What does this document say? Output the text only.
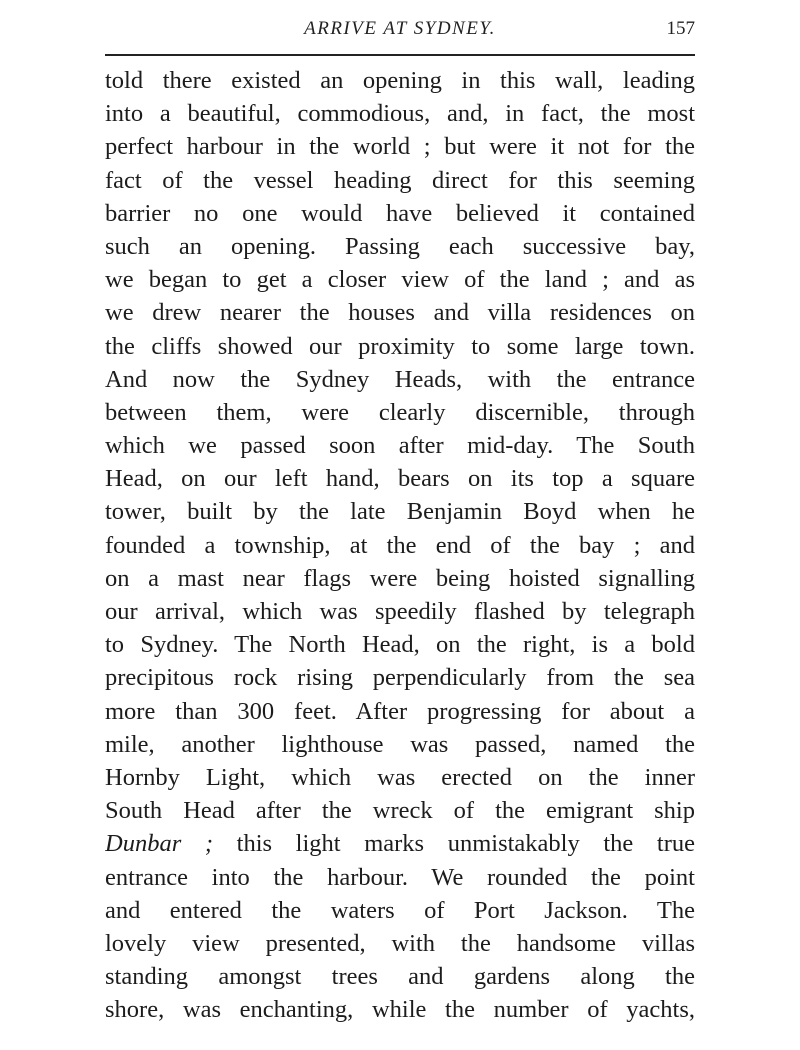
ARRIVE AT SYDNEY.	157
told there existed an opening in this wall, leading
into a beautiful, commodious, and, in fact, the most
perfect harbour in the world ; but were it not for the
fact of the vessel heading direct for this seeming
barrier no one would have believed it contained
such an opening. Passing each successive bay,
we began to get a closer view of the land ; and as
we drew nearer the houses and villa residences on
the cliffs showed our proximity to some large town.
And now the Sydney Heads, with the entrance
between them, were clearly discernible, through
which we passed soon after mid-day. The South
Head, on our left hand, bears on its top a square
tower, built by the late Benjamin Boyd when he
founded a township, at the end of the bay ; and
on a mast near flags were being hoisted signalling
our arrival, which was speedily flashed by telegraph
to Sydney. The North Head, on the right, is a bold
precipitous rock rising perpendicularly from the sea
more than 300 feet. After progressing for about a
mile, another lighthouse was passed, named the
Hornby Light, which was erected on the inner
South Head after the wreck of the emigrant ship
Dunbar ; this light marks unmistakably the true
entrance into the harbour. We rounded the point
and entered the waters of Port Jackson. The
lovely view presented, with the handsome villas
standing amongst trees and gardens along the
shore, was enchanting, while the number of yachts,
